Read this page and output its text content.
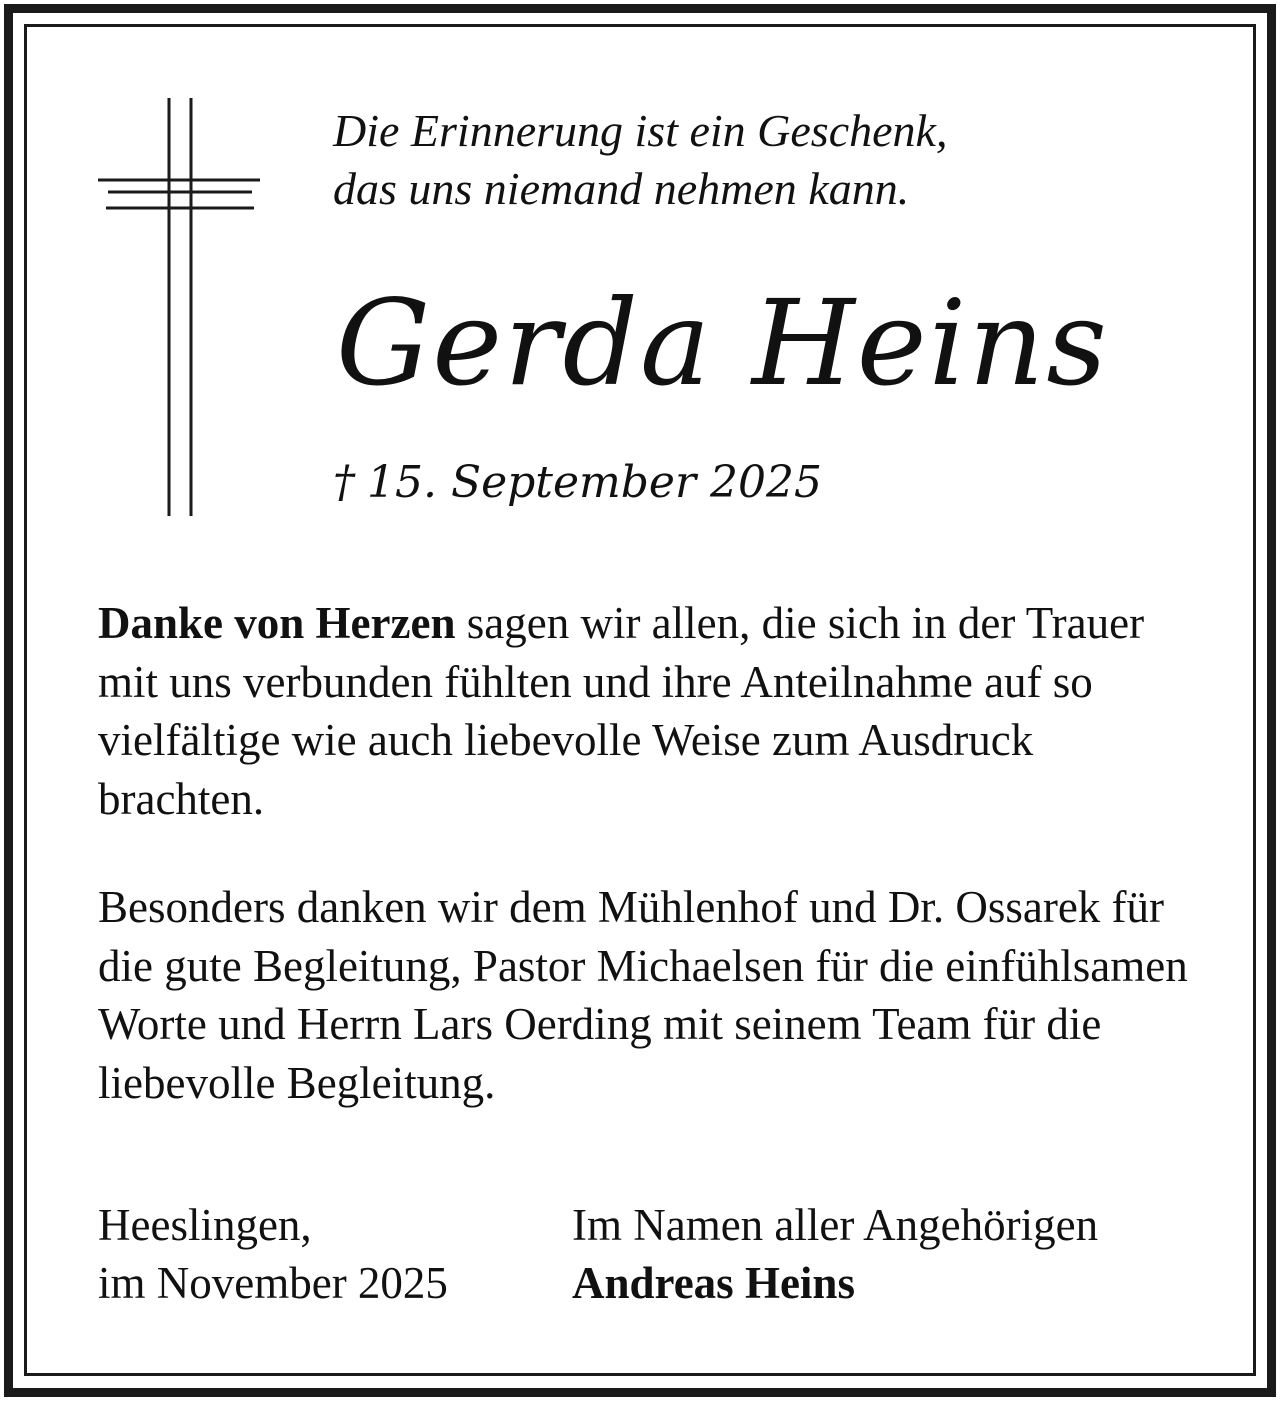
Die Erinnerung ist ein Geschenk,
das uns niemand nehmen kann.

Gerda Heins
† 15. September 2025

Danke von Herzen sagen wir allen, die sich in der Trauer mit uns verbunden fühlten und ihre Anteilnahme auf so vielfältige wie auch liebevolle Weise zum Ausdruck brachten.

Besonders danken wir dem Mühlenhof und Dr. Ossarek für die gute Begleitung, Pastor Michaelsen für die einfühlsamen Worte und Herrn Lars Oerding mit seinem Team für die liebevolle Begleitung.

Heeslingen,
im November 2025
Im Namen aller Angehörigen
Andreas Heins
